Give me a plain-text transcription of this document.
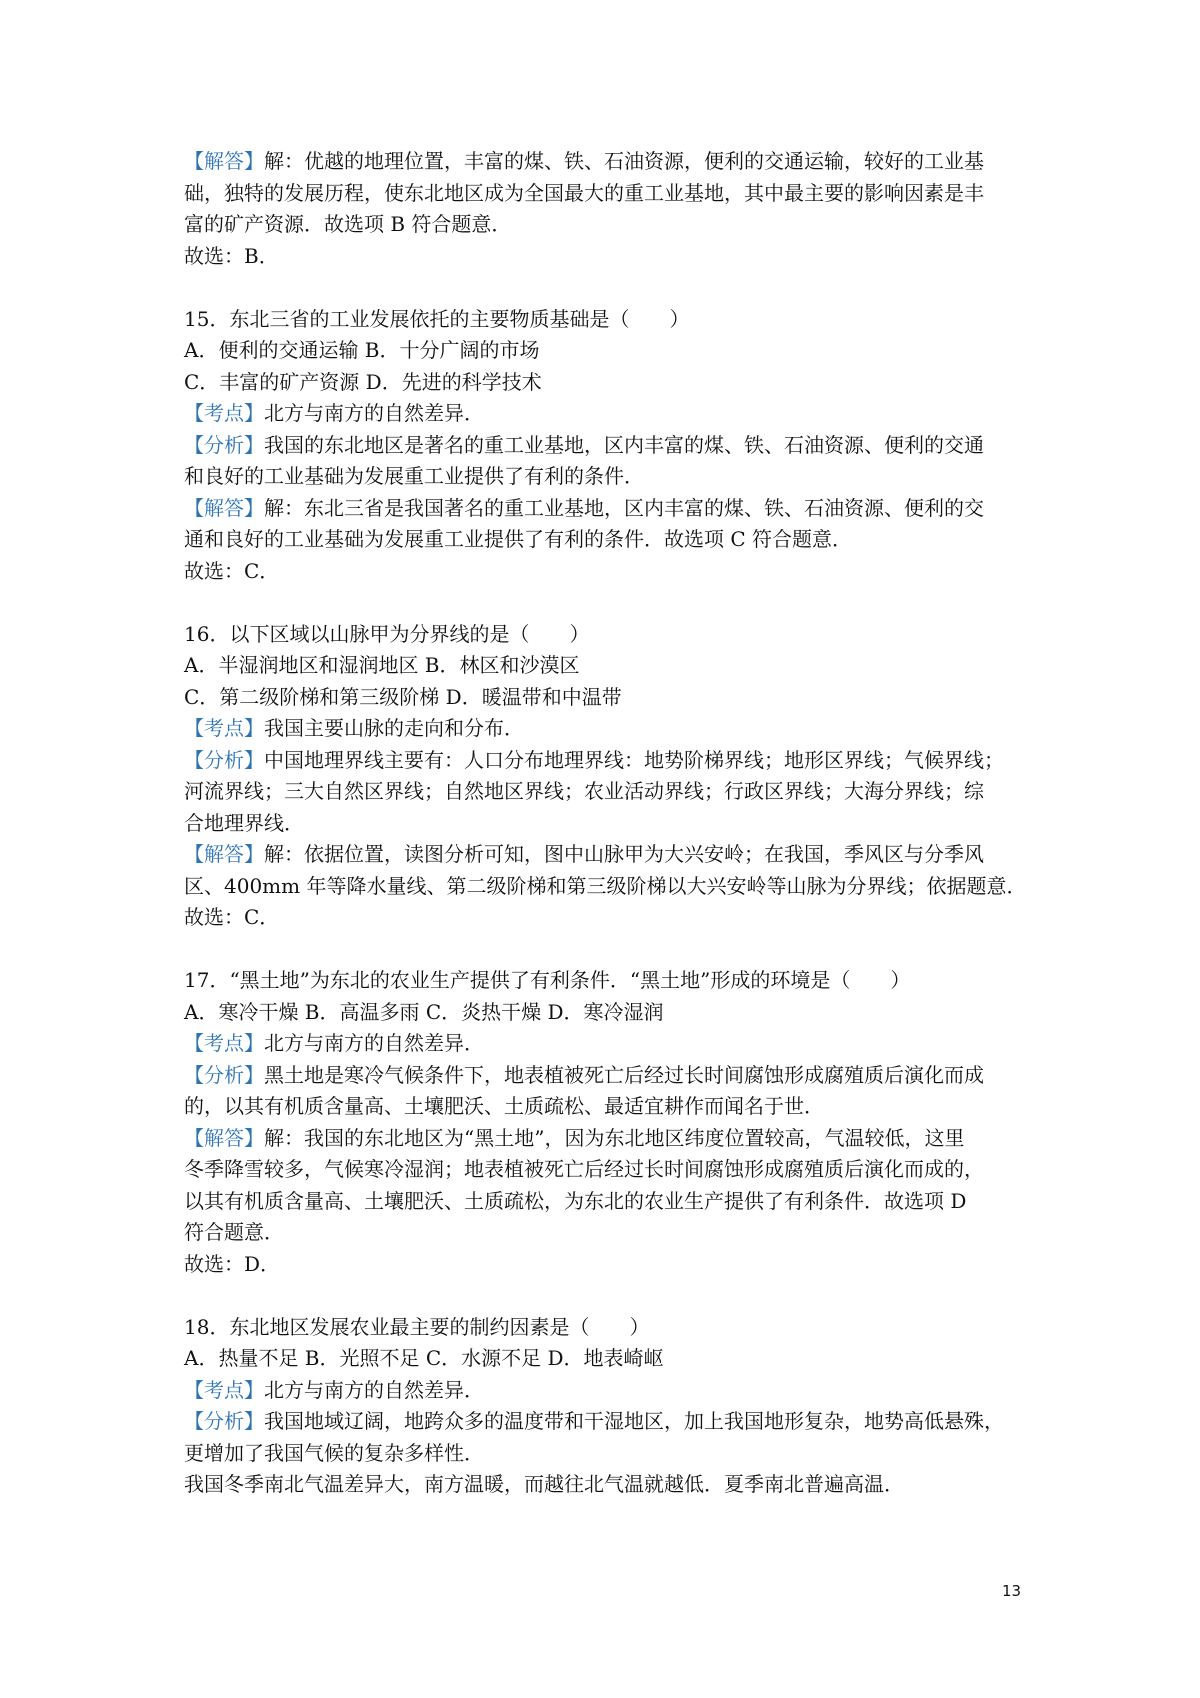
【解答】解：优越的地理位置，丰富的煤、铁、石油资源，便利的交通运输，较好的工业基
础，独特的发展历程，使东北地区成为全国最大的重工业基地，其中最主要的影响因素是丰
富的矿产资源．故选项 B 符合题意．
故选：B．
15．东北三省的工业发展依托的主要物质基础是（　　）
A．便利的交通运输 B．十分广阔的市场
C．丰富的矿产资源 D．先进的科学技术
【考点】北方与南方的自然差异．
【分析】我国的东北地区是著名的重工业基地，区内丰富的煤、铁、石油资源、便利的交通
和良好的工业基础为发展重工业提供了有利的条件．
【解答】解：东北三省是我国著名的重工业基地，区内丰富的煤、铁、石油资源、便利的交
通和良好的工业基础为发展重工业提供了有利的条件．故选项 C 符合题意．
故选：C．
16．以下区域以山脉甲为分界线的是（　　）
A．半湿润地区和湿润地区 B．林区和沙漠区
C．第二级阶梯和第三级阶梯 D．暖温带和中温带
【考点】我国主要山脉的走向和分布．
【分析】中国地理界线主要有：人口分布地理界线：地势阶梯界线；地形区界线；气候界线；
河流界线；三大自然区界线；自然地区界线；农业活动界线；行政区界线；大海分界线；综
合地理界线．
【解答】解：依据位置，读图分析可知，图中山脉甲为大兴安岭；在我国，季风区与分季风
区、400mm 年等降水量线、第二级阶梯和第三级阶梯以大兴安岭等山脉为分界线；依据题意．
故选：C．
17．“黑土地”为东北的农业生产提供了有利条件．“黑土地”形成的环境是（　　）
A．寒冷干燥 B．高温多雨 C．炎热干燥 D．寒冷湿润
【考点】北方与南方的自然差异．
【分析】黑土地是寒冷气候条件下，地表植被死亡后经过长时间腐蚀形成腐殖质后演化而成
的，以其有机质含量高、土壤肥沃、土质疏松、最适宜耕作而闻名于世．
【解答】解：我国的东北地区为“黑土地”，因为东北地区纬度位置较高，气温较低，这里
冬季降雪较多，气候寒冷湿润；地表植被死亡后经过长时间腐蚀形成腐殖质后演化而成的，
以其有机质含量高、土壤肥沃、土质疏松，为东北的农业生产提供了有利条件．故选项 D
符合题意．
故选：D．
18．东北地区发展农业最主要的制约因素是（　　）
A．热量不足 B．光照不足 C．水源不足 D．地表崎岖
【考点】北方与南方的自然差异．
【分析】我国地域辽阔，地跨众多的温度带和干湿地区，加上我国地形复杂，地势高低悬殊，
更增加了我国气候的复杂多样性．
我国冬季南北气温差异大，南方温暖，而越往北气温就越低．夏季南北普遍高温．
13
